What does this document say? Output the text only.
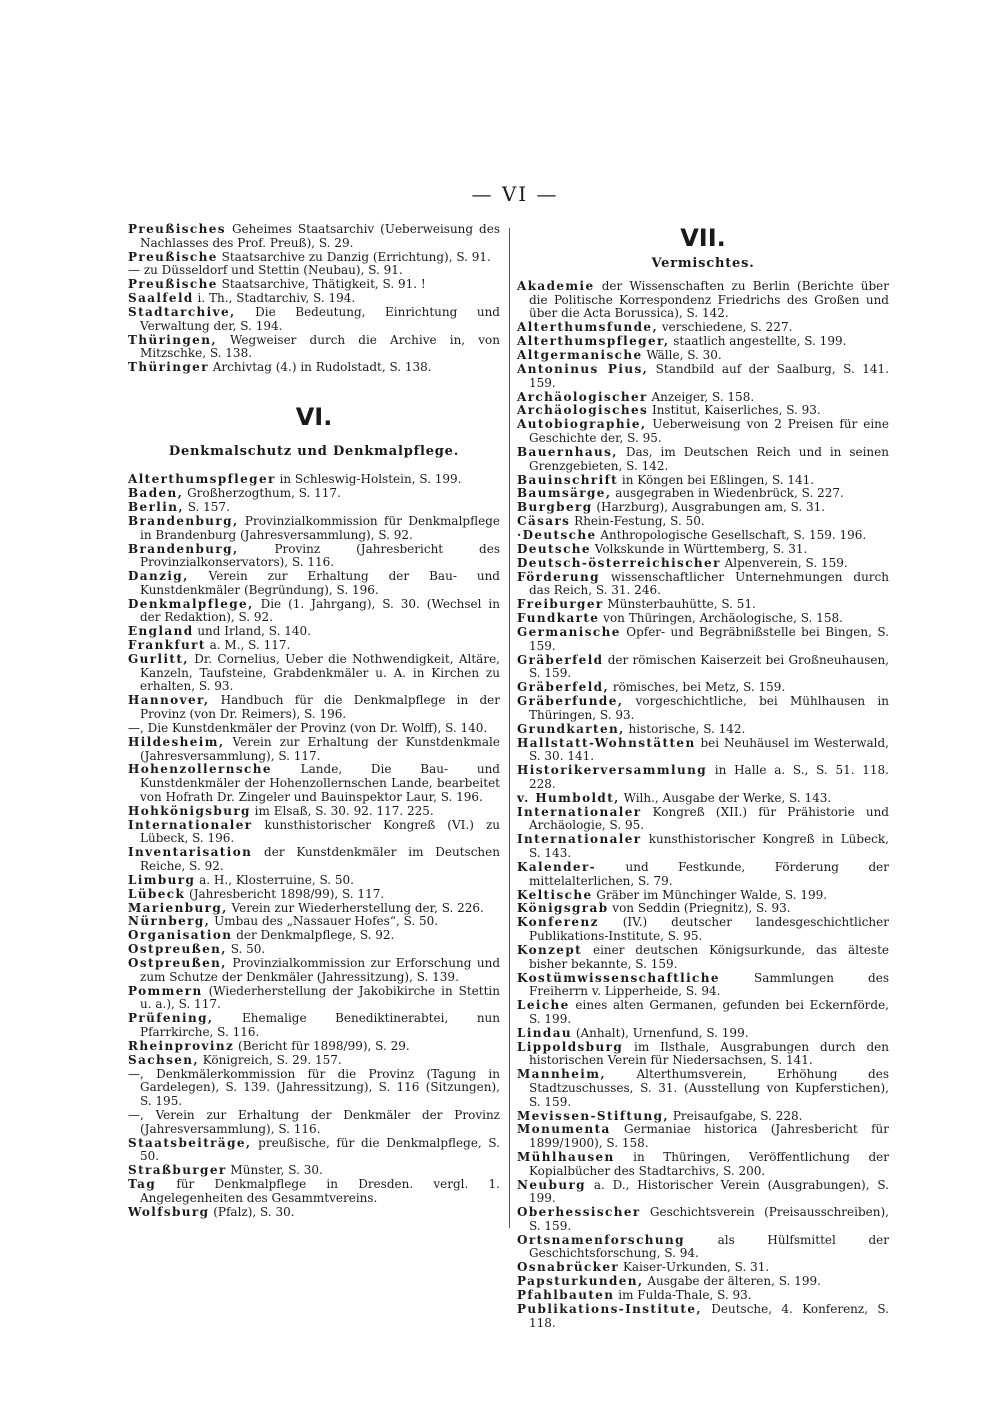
— VI —
Preußisches Geheimes Staatsarchiv (Ueberweisung des Nachlasses des Prof. Preuß), S. 29.
Preußische Staatsarchive zu Danzig (Errichtung), S. 91.
— zu Düsseldorf und Stettin (Neubau), S. 91.
Preußische Staatsarchive, Thätigkeit, S. 91. !
Saalfeld i. Th., Stadtarchiv, S. 194.
Stadtarchive, Die Bedeutung, Einrichtung und Verwaltung der, S. 194.
Thüringen, Wegweiser durch die Archive in, von Mitzschke, S. 138.
Thüringer Archivtag (4.) in Rudolstadt, S. 138.
VI.
Denkmalschutz und Denkmalpflege.
Alterthumspfleger in Schleswig-Holstein, S. 199.
Baden, Großherzogthum, S. 117.
Berlin, S. 157.
Brandenburg, Provinzialkommission für Denkmalpflege in Brandenburg (Jahresversammlung), S. 92.
Brandenburg, Provinz (Jahresbericht des Provinzialkonservators), S. 116.
Danzig, Verein zur Erhaltung der Bau- und Kunstdenkmäler (Begründung), S. 196.
Denkmalpflege, Die (1. Jahrgang), S. 30. (Wechsel in der Redaktion), S. 92.
England und Irland, S. 140.
Frankfurt a. M., S. 117.
Gurlitt, Dr. Cornelius, Ueber die Nothwendigkeit, Altäre, Kanzeln, Taufsteine, Grabdenkmäler u. A. in Kirchen zu erhalten, S. 93.
Hannover, Handbuch für die Denkmalpflege in der Provinz (von Dr. Reimers), S. 196.
—, Die Kunstdenkmäler der Provinz (von Dr. Wolff), S. 140.
Hildesheim, Verein zur Erhaltung der Kunstdenkmale (Jahresversammlung), S. 117.
Hohenzollernsche Lande, Die Bau- und Kunstdenkmäler der Hohenzollernschen Lande, bearbeitet von Hofrath Dr. Zingeler und Bauinspektor Laur, S. 196.
Hohkönigsburg im Elsaß, S. 30. 92. 117. 225.
Internationaler kunsthistorischer Kongreß (VI.) zu Lübeck, S. 196.
Inventarisation der Kunstdenkmäler im Deutschen Reiche, S. 92.
Limburg a. H., Klosterruine, S. 50.
Lübeck (Jahresbericht 1898/99), S. 117.
Marienburg, Verein zur Wiederherstellung der, S. 226.
Nürnberg, Umbau des „Nassauer Hofes“, S. 50.
Organisation der Denkmalpflege, S. 92.
Ostpreußen, S. 50.
Ostpreußen, Provinzialkommission zur Erforschung und zum Schutze der Denkmäler (Jahressitzung), S. 139.
Pommern (Wiederherstellung der Jakobikirche in Stettin u. a.), S. 117.
Prüfening, Ehemalige Benediktinerabtei, nun Pfarrkirche, S. 116.
Rheinprovinz (Bericht für 1898/99), S. 29.
Sachsen, Königreich, S. 29. 157.
—, Denkmälerkommission für die Provinz (Tagung in Gardelegen), S. 139. (Jahressitzung), S. 116 (Sitzungen), S. 195.
—, Verein zur Erhaltung der Denkmäler der Provinz (Jahresversammlung), S. 116.
Staatsbeiträge, preußische, für die Denkmalpflege, S. 50.
Straßburger Münster, S. 30.
Tag für Denkmalpflege in Dresden. vergl. 1. Angelegenheiten des Gesammtvereins.
Wolfsburg (Pfalz), S. 30.
VII.
Vermischtes.
Akademie der Wissenschaften zu Berlin (Berichte über die Politische Korrespondenz Friedrichs des Großen und über die Acta Borussica), S. 142.
Alterthumsfunde, verschiedene, S. 227.
Alterthumspfleger, staatlich angestellte, S. 199.
Altgermanische Wälle, S. 30.
Antoninus Pius, Standbild auf der Saalburg, S. 141. 159.
Archäologischer Anzeiger, S. 158.
Archäologisches Institut, Kaiserliches, S. 93.
Autobiographie, Ueberweisung von 2 Preisen für eine Geschichte der, S. 95.
Bauernhaus, Das, im Deutschen Reich und in seinen Grenzgebieten, S. 142.
Bauinschrift in Köngen bei Eßlingen, S. 141.
Baumsärge, ausgegraben in Wiedenbrück, S. 227.
Burgberg (Harzburg), Ausgrabungen am, S. 31.
Cäsars Rhein-Festung, S. 50.
·Deutsche Anthropologische Gesellschaft, S. 159. 196.
Deutsche Volkskunde in Württemberg, S. 31.
Deutsch-österreichischer Alpenverein, S. 159.
Förderung wissenschaftlicher Unternehmungen durch das Reich, S. 31. 246.
Freiburger Münsterbauhütte, S. 51.
Fundkarte von Thüringen, Archäologische, S. 158.
Germanische Opfer- und Begräbnißstelle bei Bingen, S. 159.
Gräberfeld der römischen Kaiserzeit bei Großneuhausen, S. 159.
Gräberfeld, römisches, bei Metz, S. 159.
Gräberfunde, vorgeschichtliche, bei Mühlhausen in Thüringen, S. 93.
Grundkarten, historische, S. 142.
Hallstatt-Wohnstätten bei Neuhäusel im Westerwald, S. 30. 141.
Historikerversammlung in Halle a. S., S. 51. 118. 228.
v. Humboldt, Wilh., Ausgabe der Werke, S. 143.
Internationaler Kongreß (XII.) für Prähistorie und Archäologie, S. 95.
Internationaler kunsthistorischer Kongreß in Lübeck, S. 143.
Kalender- und Festkunde, Förderung der mittelalterlichen, S. 79.
Keltische Gräber im Münchinger Walde, S. 199.
Königsgrab von Seddin (Priegnitz), S. 93.
Konferenz (IV.) deutscher landesgeschichtlicher Publikations-Institute, S. 95.
Konzept einer deutschen Königsurkunde, das älteste bisher bekannte, S. 159.
Kostümwissenschaftliche Sammlungen des Freiherrn v. Lipperheide, S. 94.
Leiche eines alten Germanen, gefunden bei Eckernförde, S. 199.
Lindau (Anhalt), Urnenfund, S. 199.
Lippoldsburg im Ilsthale, Ausgrabungen durch den historischen Verein für Niedersachsen, S. 141.
Mannheim, Alterthumsverein, Erhöhung des Stadtzuschusses, S. 31. (Ausstellung von Kupferstichen), S. 159.
Mevissen-Stiftung, Preisaufgabe, S. 228.
Monumenta Germaniae historica (Jahresbericht für 1899/1900), S. 158.
Mühlhausen in Thüringen, Veröffentlichung der Kopialbücher des Stadtarchivs, S. 200.
Neuburg a. D., Historischer Verein (Ausgrabungen), S. 199.
Oberhessischer Geschichtsverein (Preisausschreiben), S. 159.
Ortsnamenforschung als Hülfsmittel der Geschichtsforschung, S. 94.
Osnabrücker Kaiser-Urkunden, S. 31.
Papsturkunden, Ausgabe der älteren, S. 199.
Pfahlbauten im Fulda-Thale, S. 93.
Publikations-Institute, Deutsche, 4. Konferenz, S. 118.
